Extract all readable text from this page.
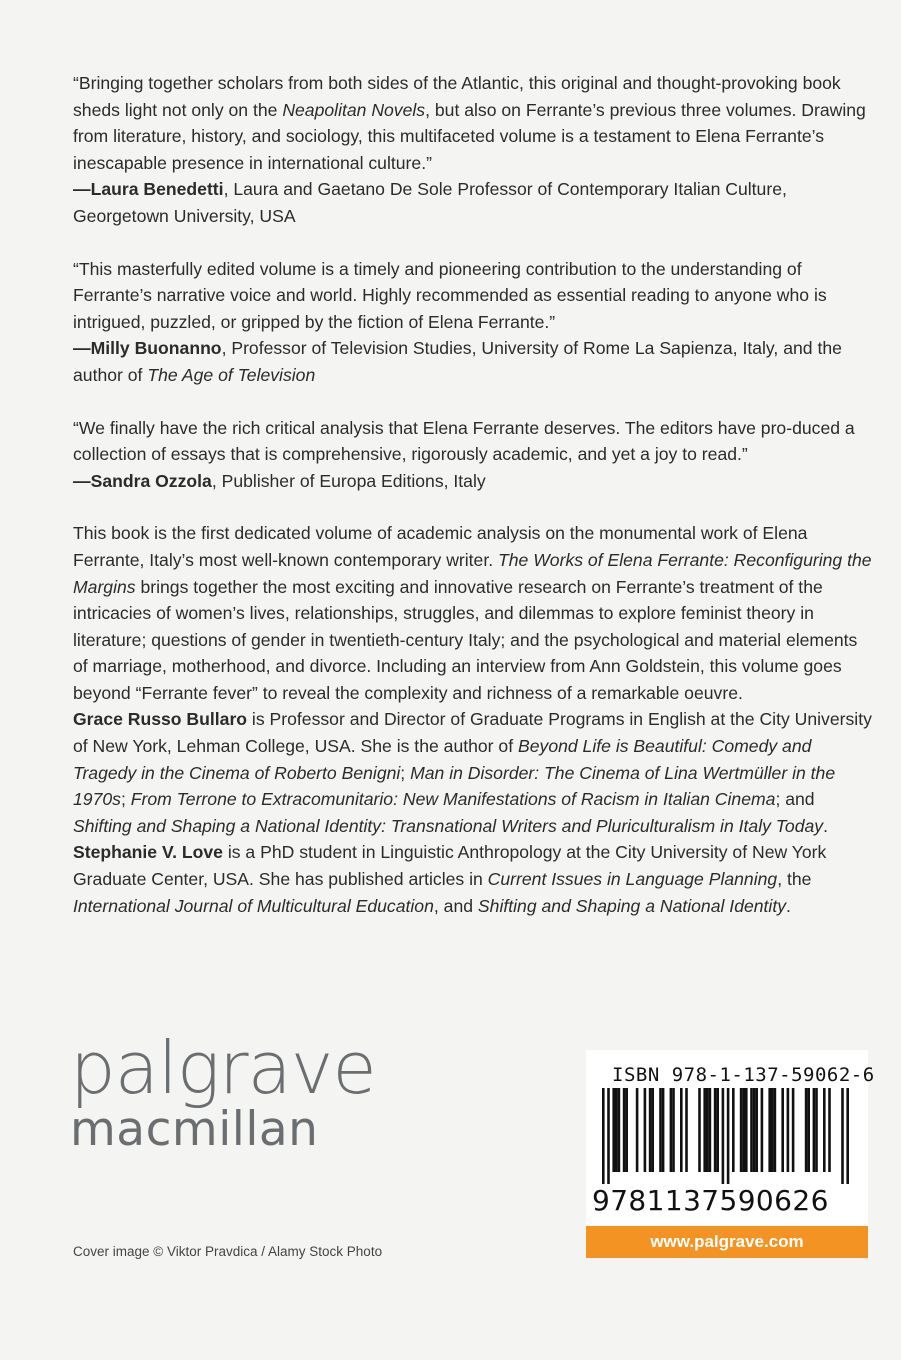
“Bringing together scholars from both sides of the Atlantic, this original and thought-provoking book sheds light not only on the Neapolitan Novels, but also on Ferrante’s previous three volumes. Drawing from literature, history, and sociology, this multifaceted volume is a testament to Elena Ferrante’s inescapable presence in international culture.”

—Laura Benedetti, Laura and Gaetano De Sole Professor of Contemporary Italian Culture, Georgetown University, USA

“This masterfully edited volume is a timely and pioneering contribution to the understanding of Ferrante’s narrative voice and world. Highly recommended as essential reading to anyone who is intrigued, puzzled, or gripped by the fiction of Elena Ferrante.”

—Milly Buonanno, Professor of Television Studies, University of Rome La Sapienza, Italy, and the author of The Age of Television

“We finally have the rich critical analysis that Elena Ferrante deserves. The editors have pro-duced a collection of essays that is comprehensive, rigorously academic, and yet a joy to read.”

—Sandra Ozzola, Publisher of Europa Editions, Italy

This book is the first dedicated volume of academic analysis on the monumental work of Elena Ferrante, Italy’s most well-known contemporary writer. The Works of Elena Ferrante: Reconfiguring the Margins brings together the most exciting and innovative research on Ferrante’s treatment of the intricacies of women’s lives, relationships, struggles, and dilemmas to explore feminist theory in literature; questions of gender in twentieth-century Italy; and the psychological and material elements of marriage, motherhood, and divorce. Including an interview from Ann Goldstein, this volume goes beyond “Ferrante fever” to reveal the complexity and richness of a remarkable oeuvre.

Grace Russo Bullaro is Professor and Director of Graduate Programs in English at the City University of New York, Lehman College, USA. She is the author of Beyond Life is Beautiful: Comedy and Tragedy in the Cinema of Roberto Benigni; Man in Disorder: The Cinema of Lina Wertmüller in the 1970s; From Terrone to Extracomunitario: New Manifestations of Racism in Italian Cinema; and Shifting and Shaping a National Identity: Transnational Writers and Pluriculturalism in Italy Today.

Stephanie V. Love is a PhD student in Linguistic Anthropology at the City University of New York Graduate Center, USA. She has published articles in Current Issues in Language Planning, the International Journal of Multicultural Education, and Shifting and Shaping a National Identity.

palgrave
macmillan
Cover image © Viktor Pravdica / Alamy Stock Photo
ISBN 978-1-137-59062-6
9781137590626
www.palgrave.com
